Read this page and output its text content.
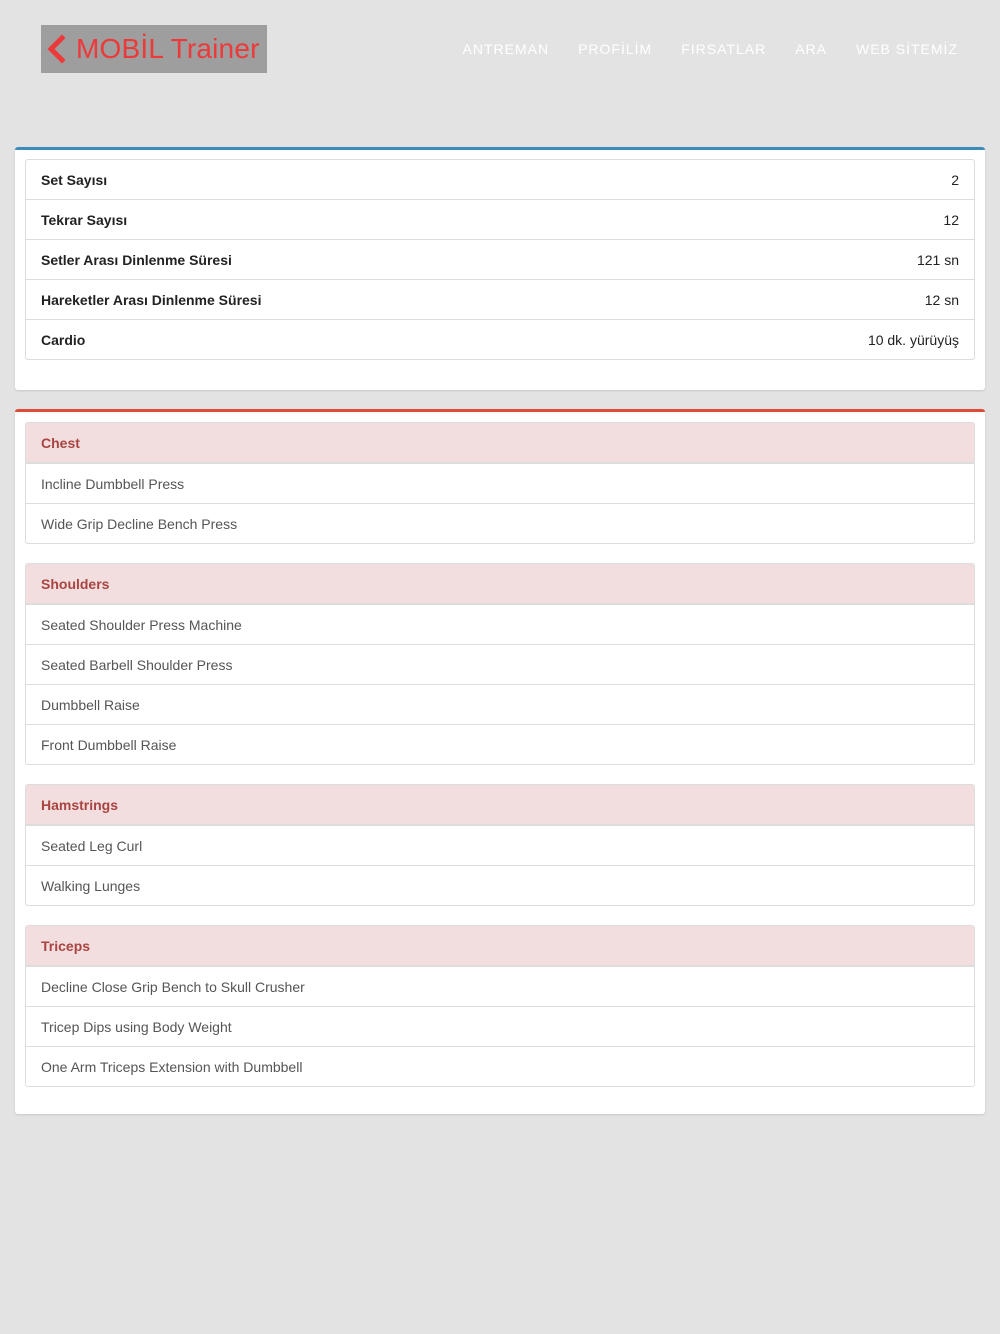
MOBİL Trainer	ANTREMAN PROFİLİM FIRSATLAR ARA WEB SİTEMİZ
Set Sayısı	2
Tekrar Sayısı	12
Setler Arası Dinlenme Süresi	121 sn
Hareketler Arası Dinlenme Süresi	12 sn
Cardio	10 dk. yürüyüş
Chest
Incline Dumbbell Press
Wide Grip Decline Bench Press
Shoulders
Seated Shoulder Press Machine
Seated Barbell Shoulder Press
Dumbbell Raise
Front Dumbbell Raise
Hamstrings
Seated Leg Curl
Walking Lunges
Triceps
Decline Close Grip Bench to Skull Crusher
Tricep Dips using Body Weight
One Arm Triceps Extension with Dumbbell
